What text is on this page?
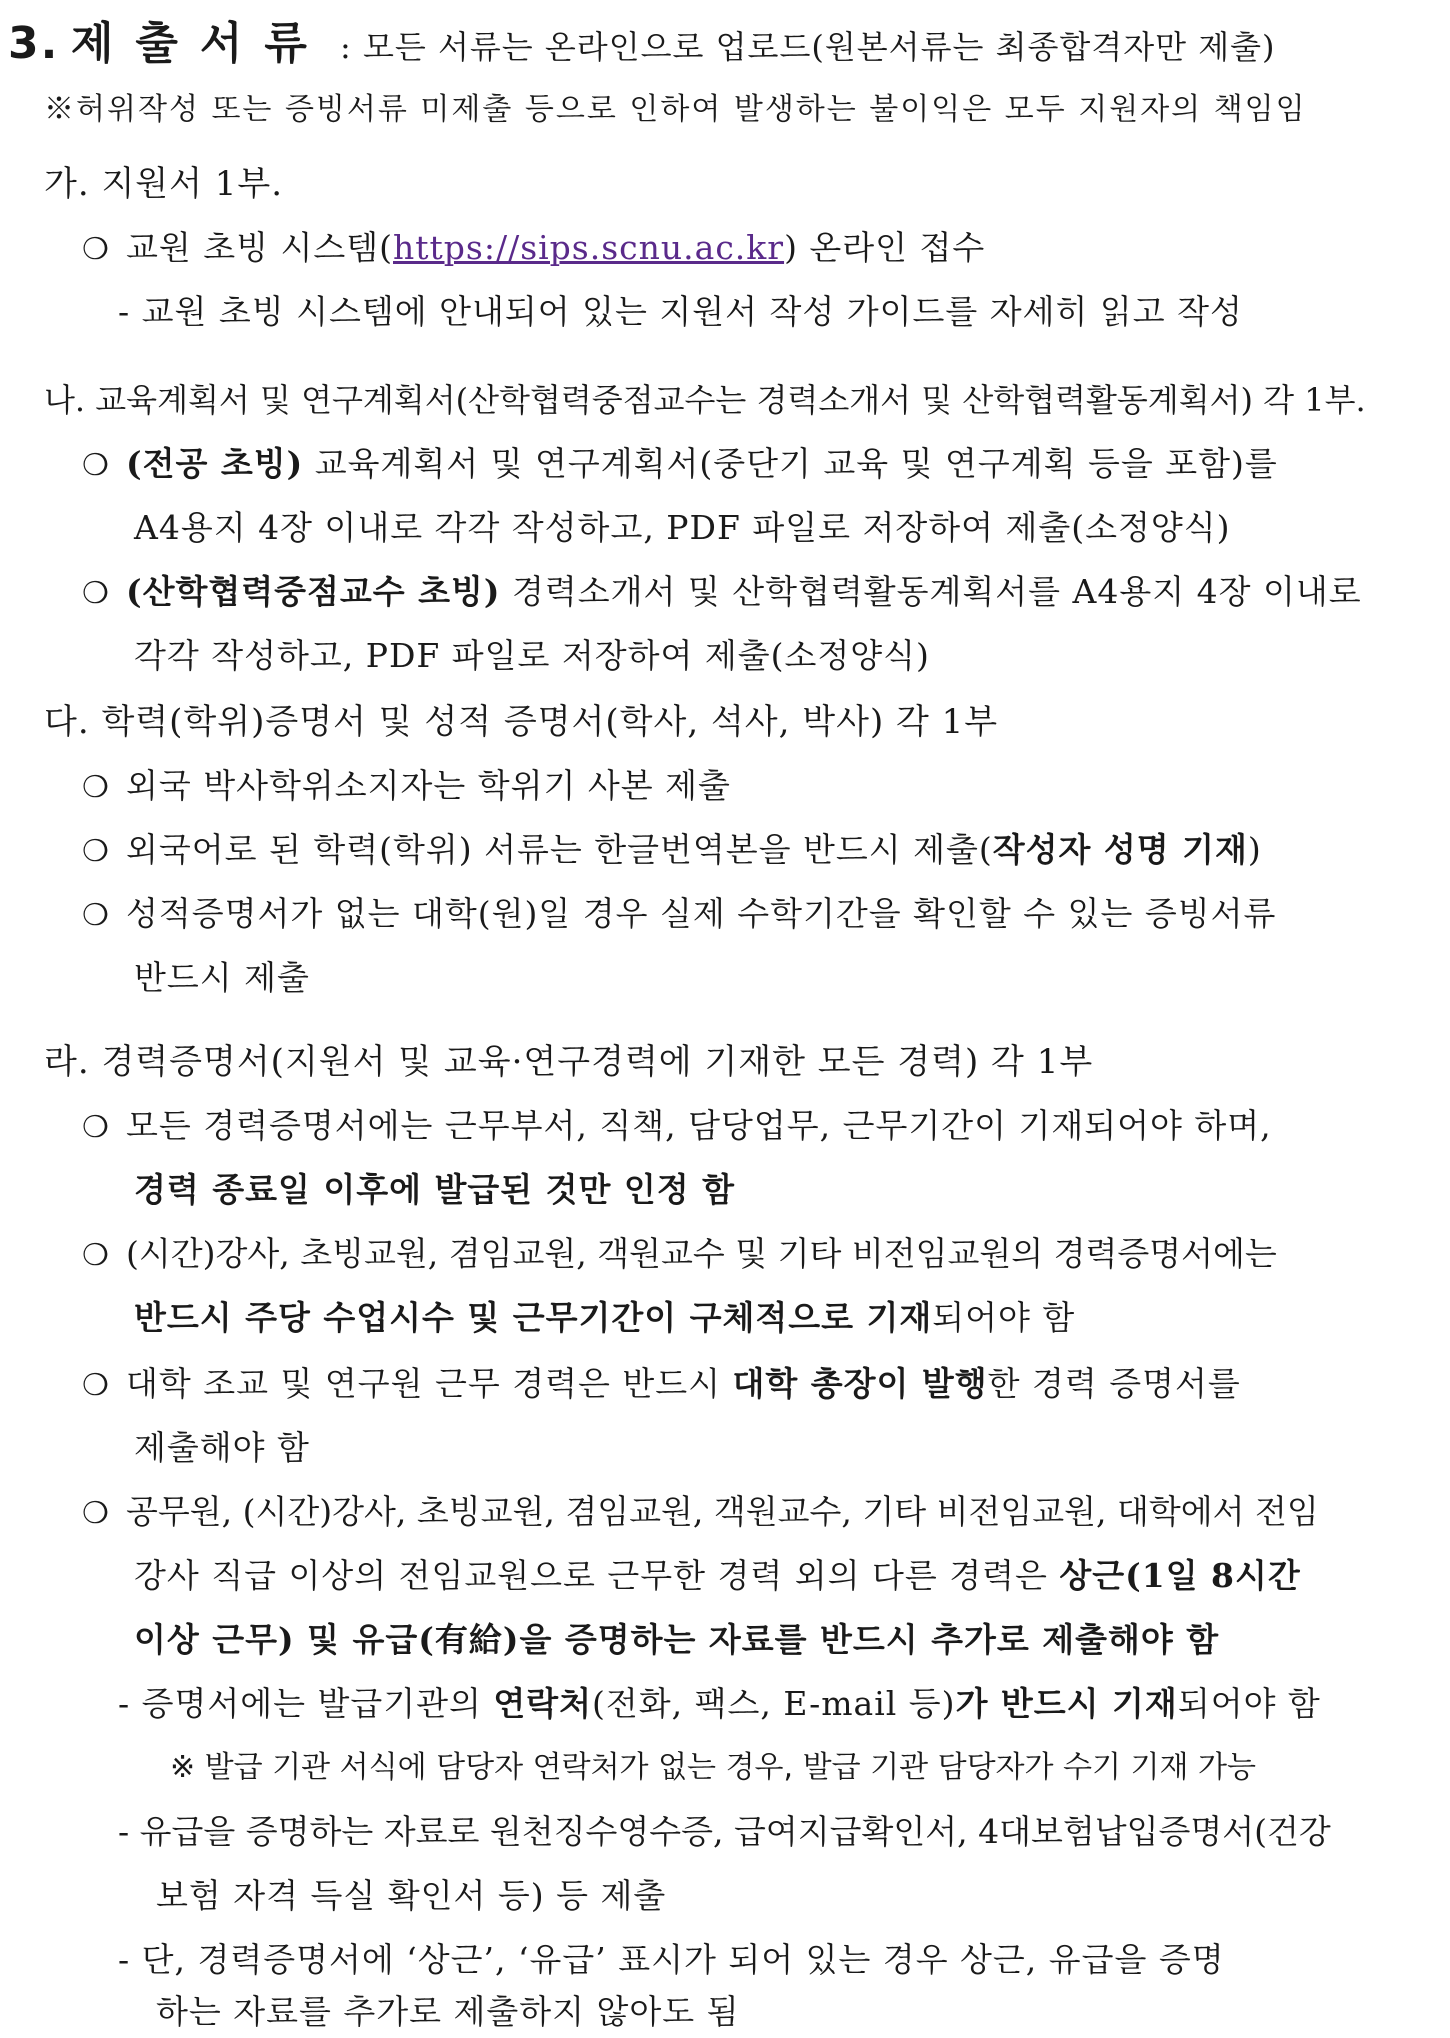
3. 제출서류 : 모든 서류는 온라인으로 업로드(원본서류는 최종합격자만 제출)
※허위작성 또는 증빙서류 미제출 등으로 인하여 발생하는 불이익은 모두 지원자의 책임임
가. 지원서 1부.
❍ 교원 초빙 시스템(https://sips.scnu.ac.kr) 온라인 접수
- 교원 초빙 시스템에 안내되어 있는 지원서 작성 가이드를 자세히 읽고 작성
나. 교육계획서 및 연구계획서(산학협력중점교수는 경력소개서 및 산학협력활동계획서) 각 1부.
❍ (전공 초빙) 교육계획서 및 연구계획서(중단기 교육 및 연구계획 등을 포함)를
A4용지 4장 이내로 각각 작성하고, PDF 파일로 저장하여 제출(소정양식)
❍ (산학협력중점교수 초빙) 경력소개서 및 산학협력활동계획서를 A4용지 4장 이내로
각각 작성하고, PDF 파일로 저장하여 제출(소정양식)
다. 학력(학위)증명서 및 성적 증명서(학사, 석사, 박사) 각 1부
❍ 외국 박사학위소지자는 학위기 사본 제출
❍ 외국어로 된 학력(학위) 서류는 한글번역본을 반드시 제출(작성자 성명 기재)
❍ 성적증명서가 없는 대학(원)일 경우 실제 수학기간을 확인할 수 있는 증빙서류
반드시 제출
라. 경력증명서(지원서 및 교육·연구경력에 기재한 모든 경력) 각 1부
❍ 모든 경력증명서에는 근무부서, 직책, 담당업무, 근무기간이 기재되어야 하며,
경력 종료일 이후에 발급된 것만 인정 함
❍ (시간)강사, 초빙교원, 겸임교원, 객원교수 및 기타 비전임교원의 경력증명서에는
반드시 주당 수업시수 및 근무기간이 구체적으로 기재되어야 함
❍ 대학 조교 및 연구원 근무 경력은 반드시 대학 총장이 발행한 경력 증명서를
제출해야 함
❍ 공무원, (시간)강사, 초빙교원, 겸임교원, 객원교수, 기타 비전임교원, 대학에서 전임
강사 직급 이상의 전임교원으로 근무한 경력 외의 다른 경력은 상근(1일 8시간
이상 근무) 및 유급(有給)을 증명하는 자료를 반드시 추가로 제출해야 함
- 증명서에는 발급기관의 연락처(전화, 팩스, E-mail 등)가 반드시 기재되어야 함
※ 발급 기관 서식에 담당자 연락처가 없는 경우, 발급 기관 담당자가 수기 기재 가능
- 유급을 증명하는 자료로 원천징수영수증, 급여지급확인서, 4대보험납입증명서(건강
보험 자격 득실 확인서 등) 등 제출
- 단, 경력증명서에 ‘상근’, ‘유급’ 표시가 되어 있는 경우 상근, 유급을 증명
하는 자료를 추가로 제출하지 않아도 됨
